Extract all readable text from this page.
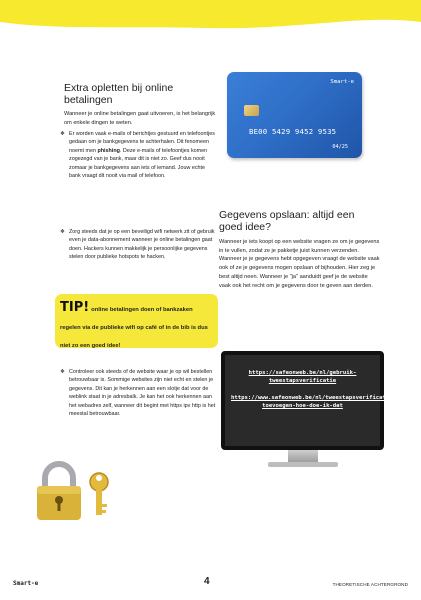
Extra opletten bij online betalingen

Wanneer je online betalingen gaat uitvoeren, is het belangrijk om enkele dingen te weten.

❖ Er worden vaak e-mails of berichtjes gestuurd en telefoontjes gedaan om je bankgegevens te achterhalen. Dit fenomeen noemt men phishing. Deze e-mails of telefoontjes komen zogezegd van je bank, maar dit is niet zo. Geef dus nooit zomaar je bankgegevens aan iets of iemand. Jouw echte bank vraagt dit nooit via mail of telefoon.
❖ Zorg steeds dat je op een beveiligd wifi netwerk zit of gebruik even je data-abonnement wanneer je online betalingen gaat doen. Hackers kunnen makkelijk je persoonlijke gegevens stelen door publieke hotspots te hacken.
TIP! online betalingen doen of bankzaken regelen via de publieke wifi op café of in de bib is dus niet zo een goed idee!
❖ Controleer ook steeds of de website waar je op wil bestellen betrouwbaar is. Sommige websites zijn niet echt en stelen je gegevens. Dit kan je herkennen aan een slotje dat voor de weblink staat in je adresbalk. Je kan het ook herkennen aan het webadres zelf, wanneer dit begint met https ipv http is het meestal betrouwbaar.
Smart-e
BE00 5429 9452 9535
04/25
Gegevens opslaan: altijd een goed idee?

Wanneer je iets koopt op een website vragen ze om je gegevens in te vullen, zodat ze je pakketje juist kunnen verzenden. Wanneer je je gegevens hebt opgegeven vraagt de website vaak ook of ze je gegevens mogen opslaan of bijhouden. Hier zeg je best altijd neen. Wanneer je "ja" aanduidt geef je de website vaak ook het recht om je gegevens door te geven aan derden.

https://safeonweb.be/nl/gebruik-tweestapsverificatie
https://www.safeonweb.be/nl/tweestapsverificatie-toevoegen-hoe-doe-ik-dat
Smart-e	4	THEORETISCHE ACHTERGROND
